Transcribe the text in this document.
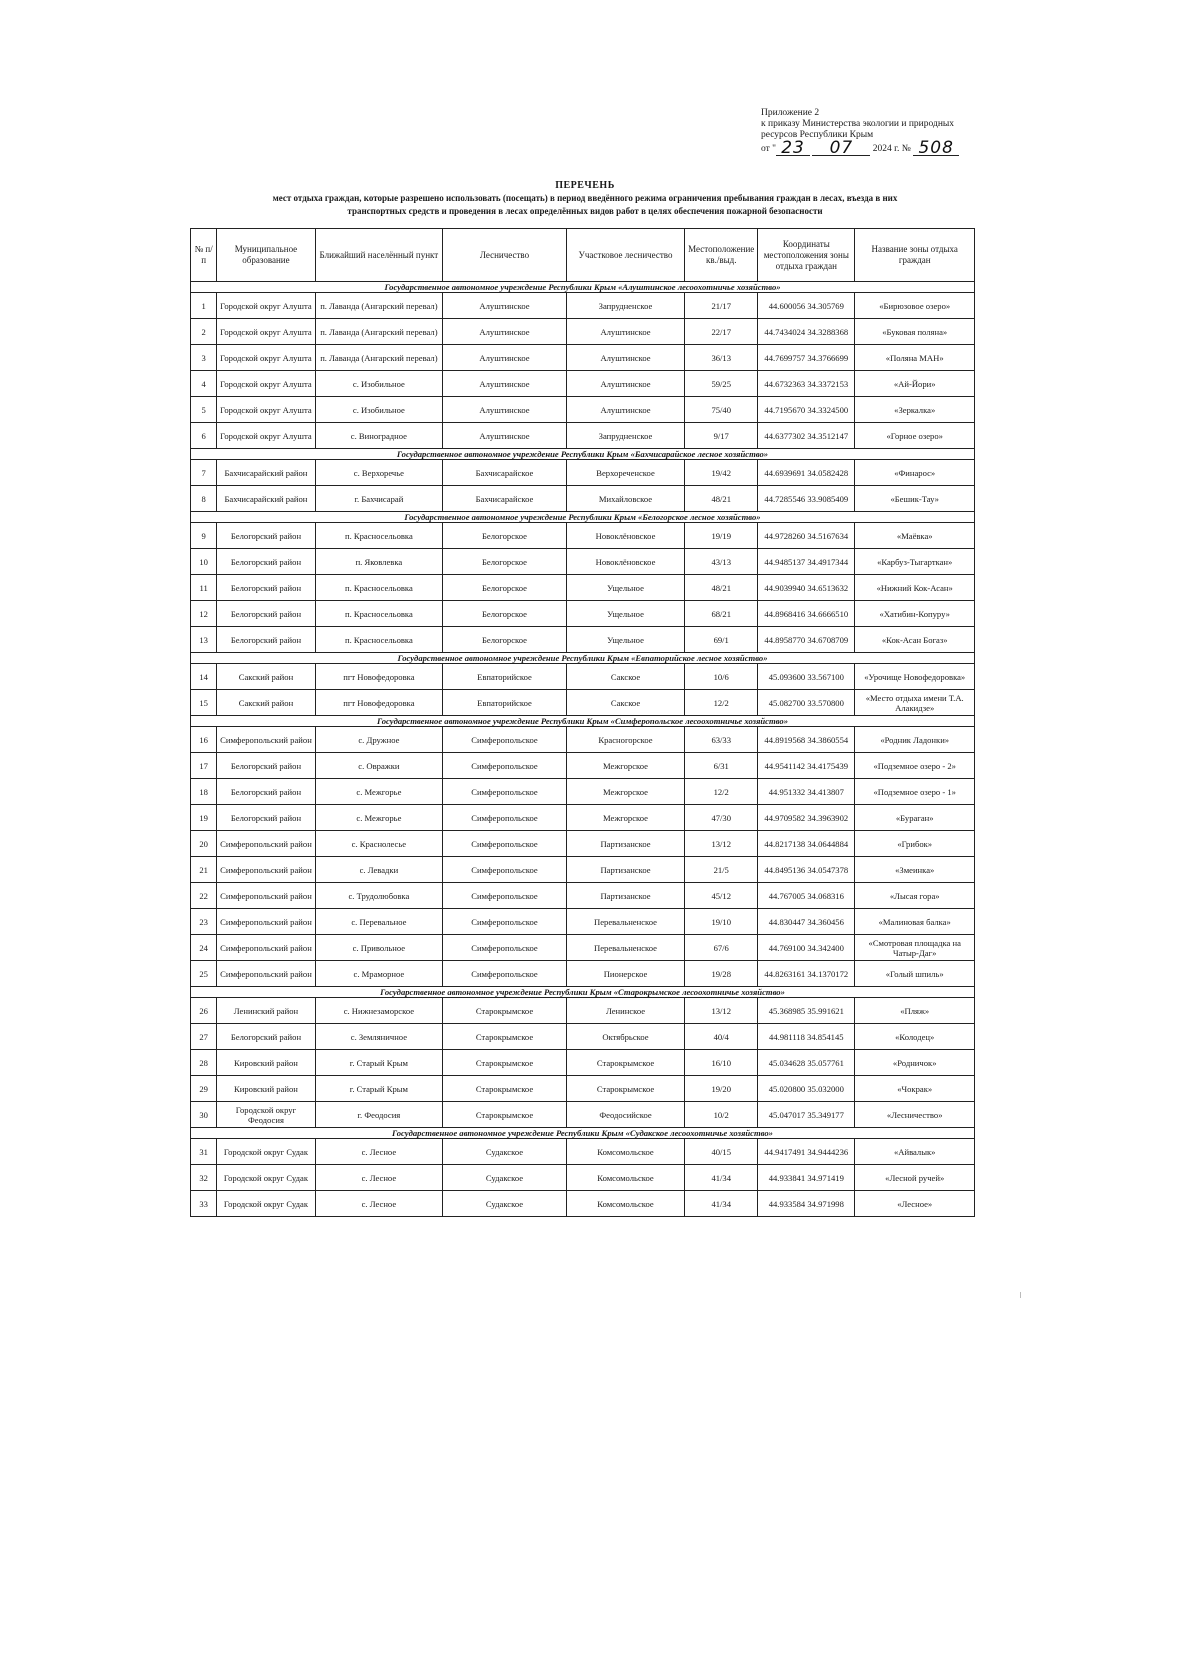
Приложение 2
к приказу Министерства экологии и природных
ресурсов Республики Крым
от " 23 07 2024 г. № 508
ПЕРЕЧЕНЬ
мест отдыха граждан, которые разрешено использовать (посещать) в период введённого режима ограничения пребывания граждан в лесах, въезда в них
транспортных средств и проведения в лесах определённых видов работ в целях обеспечения пожарной безопасности
№ п/п	Муниципальное образование	Ближайший населённый пункт	Лесничество	Участковое лесничество	Местоположение кв./выд.	Координаты местоположения зоны отдыха граждан	Название зоны отдыха граждан
Государственное автономное учреждение Республики Крым «Алуштинское лесоохотничье хозяйство»							
1	Городской округ Алушта	п. Лаванда (Ангарский перевал)	Алуштинское	Запрудненское	21/17	44.600056 34.305769	«Бирюзовое озеро»
2	Городской округ Алушта	п. Лаванда (Ангарский перевал)	Алуштинское	Алуштинское	22/17	44.7434024 34.3288368	«Буковая поляна»
3	Городской округ Алушта	п. Лаванда (Ангарский перевал)	Алуштинское	Алуштинское	36/13	44.7699757 34.3766699	«Поляна МАН»
4	Городской округ Алушта	с. Изобильное	Алуштинское	Алуштинское	59/25	44.6732363 34.3372153	«Ай-Йори»
5	Городской округ Алушта	с. Изобильное	Алуштинское	Алуштинское	75/40	44.7195670 34.3324500	«Зеркалка»
6	Городской округ Алушта	с. Виноградное	Алуштинское	Запрудненское	9/17	44.6377302 34.3512147	«Горное озеро»
Государственное автономное учреждение Республики Крым «Бахчисарайское лесное хозяйство»							
7	Бахчисарайский район	с. Верхоречье	Бахчисарайское	Верхореченское	19/42	44.6939691 34.0582428	«Финарос»
8	Бахчисарайский район	г. Бахчисарай	Бахчисарайское	Михайловское	48/21	44.7285546 33.9085409	«Бешик-Тау»
Государственное автономное учреждение Республики Крым «Белогорское лесное хозяйство»							
9	Белогорский район	п. Красносельовка	Белогорское	Новоклёновское	19/19	44.9728260 34.5167634	«Маёвка»
10	Белогорский район	п. Яковлевка	Белогорское	Новоклёновское	43/13	44.9485137 34.4917344	«Карбуз-Тыгарткан»
11	Белогорский район	п. Красносельовка	Белогорское	Ущельное	48/21	44.9039940 34.6513632	«Нижний Кок-Асан»
12	Белогорский район	п. Красносельовка	Белогорское	Ущельное	68/21	44.8968416 34.6666510	«Хатибин-Копуру»
13	Белогорский район	п. Красносельовка	Белогорское	Ущельное	69/1	44.8958770 34.6708709	«Кок-Асан Богаз»
Государственное автономное учреждение Республики Крым «Евпаторийское лесное хозяйство»							
14	Сакский район	пгт Новофедоровка	Евпаторийское	Сакское	10/6	45.093600 33.567100	«Урочище Новофедоровка»
15	Сакский район	пгт Новофедоровка	Евпаторийское	Сакское	12/2	45.082700 33.570800	«Место отдыха имени Т.А. Алакидзе»
Государственное автономное учреждение Республики Крым «Симферопольское лесоохотничье хозяйство»							
16	Симферопольский район	с. Дружное	Симферопольское	Красногорское	63/33	44.8919568 34.3860554	«Родник Ладонки»
17	Белогорский район	с. Овражки	Симферопольское	Межгорское	6/31	44.9541142 34.4175439	«Подземное озеро - 2»
18	Белогорский район	с. Межгорье	Симферопольское	Межгорское	12/2	44.951332 34.413807	«Подземное озеро - 1»
19	Белогорский район	с. Межгорье	Симферопольское	Межгорское	47/30	44.9709582 34.3963902	«Бураган»
20	Симферопольский район	с. Краснолесье	Симферопольское	Партизанское	13/12	44.8217138 34.0644884	«Грибок»
21	Симферопольский район	с. Левадки	Симферопольское	Партизанское	21/5	44.8495136 34.0547378	«Змеинка»
22	Симферопольский район	с. Трудолюбовка	Симферопольское	Партизанское	45/12	44.767005 34.068316	«Лысая гора»
23	Симферопольский район	с. Перевальное	Симферопольское	Перевальненское	19/10	44.830447 34.360456	«Малиновая балка»
24	Симферопольский район	с. Привольное	Симферопольское	Перевальненское	67/6	44.769100 34.342400	«Смотровая площадка на Чатыр-Даг»
25	Симферопольский район	с. Мраморное	Симферопольское	Пионерское	19/28	44.8263161 34.1370172	«Голый шпиль»
Государственное автономное учреждение Республики Крым «Старокрымское лесоохотничье хозяйство»							
26	Ленинский район	с. Нижнезаморское	Старокрымское	Ленинское	13/12	45.368985 35.991621	«Пляж»
27	Белогорский район	с. Земляничное	Старокрымское	Октябрьское	40/4	44.981118 34.854145	«Колодец»
28	Кировский район	г. Старый Крым	Старокрымское	Старокрымское	16/10	45.034628 35.057761	«Родничок»
29	Кировский район	г. Старый Крым	Старокрымское	Старокрымское	19/20	45.020800 35.032000	«Чокрак»
30	Городской округ Феодосия	г. Феодосия	Старокрымское	Феодосийское	10/2	45.047017 35.349177	«Лесничество»
Государственное автономное учреждение Республики Крым «Судакское лесоохотничье хозяйство»							
31	Городской округ Судак	с. Лесное	Судакское	Комсомольское	40/15	44.9417491 34.9444236	«Айвалык»
32	Городской округ Судак	с. Лесное	Судакское	Комсомольское	41/34	44.933841 34.971419	«Лесной ручей»
33	Городской округ Судак	с. Лесное	Судакское	Комсомольское	41/34	44.933584 34.971998	«Лесное»
